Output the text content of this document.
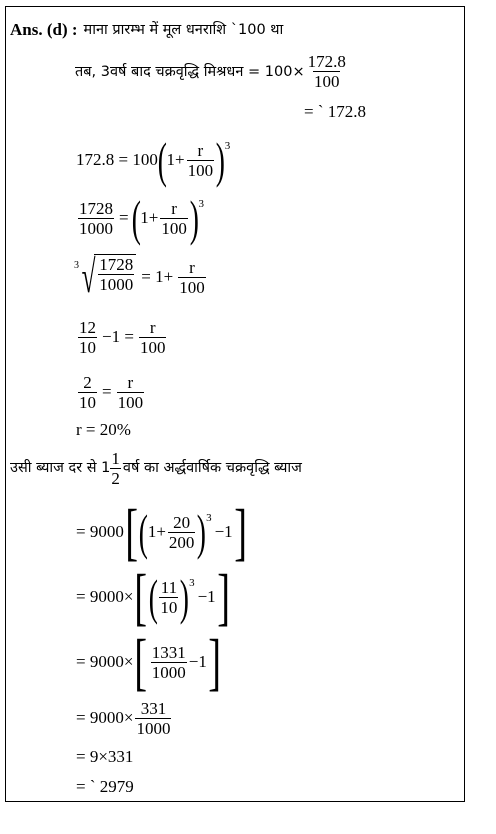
Ans. (d) : माना प्रारम्भ में मूल धनराशि `100 था
तब, 3वर्ष बाद चक्रवृद्धि मिश्रधन = $100\times \frac{172.8}{100}$
= ` 172.8
172.8 = 100 ( $1+ \frac{r}{100} )^3$
$\frac{1728}{1000}$ = ( $1+ \frac{r}{100} )^3$
3 √ $\frac{1728}{1000} = 1+ \frac{r}{100}$
$\frac{12}{10} -1 = \frac{r}{100}$
$\frac{2}{10} = \frac{r}{100}$
r = 20%
उसी ब्याज दर से $1 \frac{1}{2}$ वर्ष का अर्द्धवार्षिक चक्रवृद्धि ब्याज
= 9000 [ ( $1+ \frac{20}{200} )^3$
−1 ]
= 9000× [ ( $\frac{11}{10} )^3$
−1 ]
= 9000× [ $\frac{1331}{1000} -1$ ]
= $9000\times \frac{331}{1000}$
= 9×331
= ` 2979
